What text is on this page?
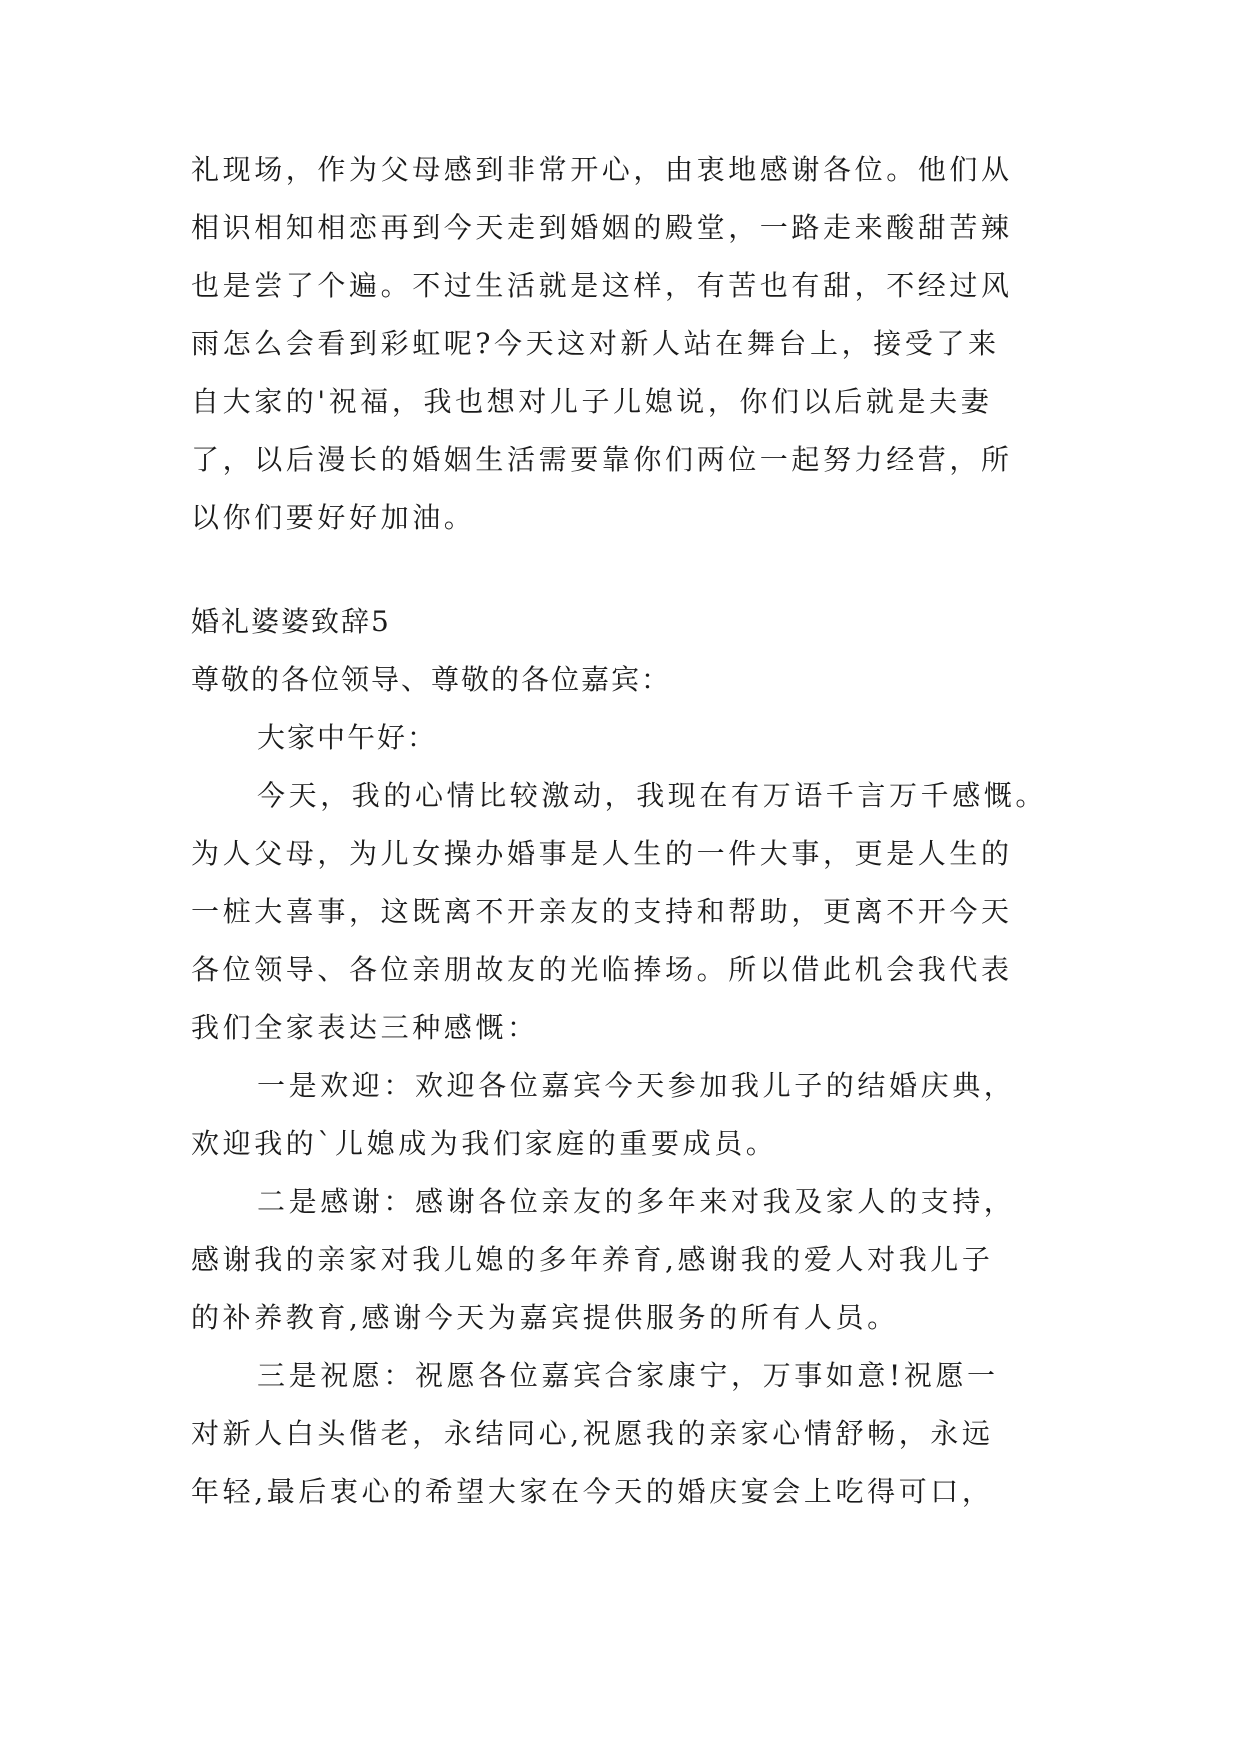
礼现场，作为父母感到非常开心，由衷地感谢各位。他们从
相识相知相恋再到今天走到婚姻的殿堂，一路走来酸甜苦辣
也是尝了个遍。不过生活就是这样，有苦也有甜，不经过风
雨怎么会看到彩虹呢?今天这对新人站在舞台上，接受了来
自大家的'祝福，我也想对儿子儿媳说，你们以后就是夫妻
了，以后漫长的婚姻生活需要靠你们两位一起努力经营，所
以你们要好好加油。
婚礼婆婆致辞5
尊敬的各位领导、尊敬的各位嘉宾：
大家中午好：
今天，我的心情比较激动，我现在有万语千言万千感慨。
为人父母，为儿女操办婚事是人生的一件大事，更是人生的
一桩大喜事，这既离不开亲友的支持和帮助，更离不开今天
各位领导、各位亲朋故友的光临捧场。所以借此机会我代表
我们全家表达三种感慨：
一是欢迎：欢迎各位嘉宾今天参加我儿子的结婚庆典，
欢迎我的`儿媳成为我们家庭的重要成员。
二是感谢：感谢各位亲友的多年来对我及家人的支持，
感谢我的亲家对我儿媳的多年养育,感谢我的爱人对我儿子
的补养教育,感谢今天为嘉宾提供服务的所有人员。
三是祝愿：祝愿各位嘉宾合家康宁，万事如意!祝愿一
对新人白头偕老，永结同心,祝愿我的亲家心情舒畅，永远
年轻,最后衷心的希望大家在今天的婚庆宴会上吃得可口，
